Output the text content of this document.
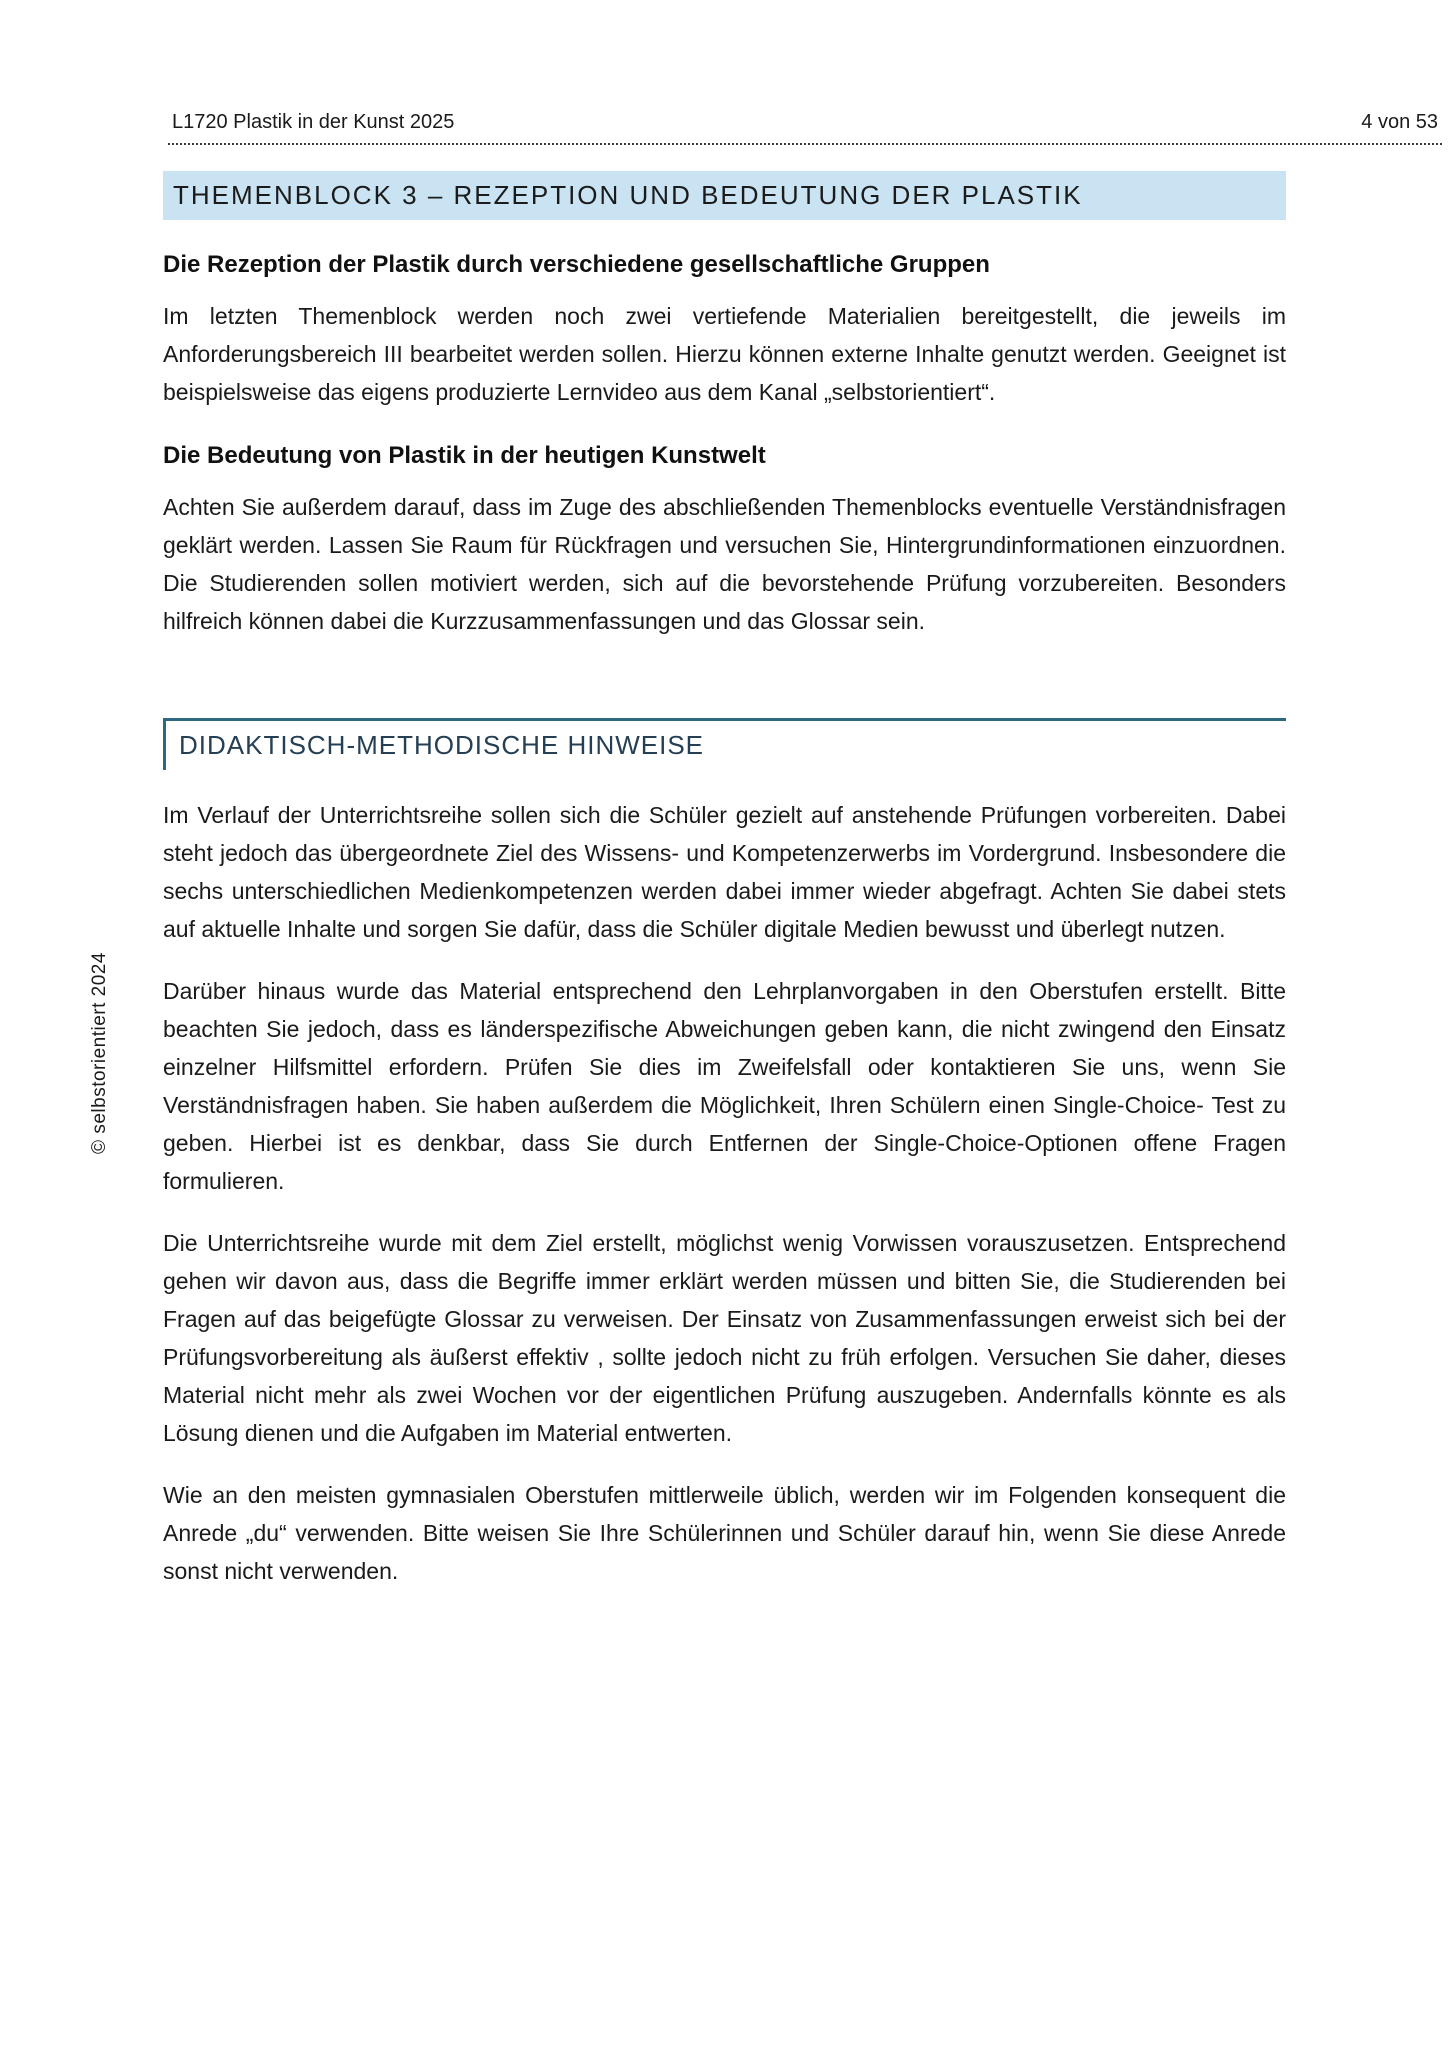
L1720 Plastik in der Kunst 2025	4 von 53
© selbstorientiert 2024
THEMENBLOCK 3 – REZEPTION UND BEDEUTUNG DER PLASTIK
Die Rezeption der Plastik durch verschiedene gesellschaftliche Gruppen

Im letzten Themenblock werden noch zwei vertiefende Materialien bereitgestellt, die jeweils im Anforderungsbereich III bearbeitet werden sollen. Hierzu können externe Inhalte genutzt werden. Geeignet ist beispielsweise das eigens produzierte Lernvideo aus dem Kanal „selbstorientiert“.

Die Bedeutung von Plastik in der heutigen Kunstwelt

Achten Sie außerdem darauf, dass im Zuge des abschließenden Themenblocks eventuelle Verständnisfragen geklärt werden. Lassen Sie Raum für Rückfragen und versuchen Sie, Hintergrundinformationen einzuordnen. Die Studierenden sollen motiviert werden, sich auf die bevorstehende Prüfung vorzubereiten. Besonders hilfreich können dabei die Kurzzusammenfassungen und das Glossar sein.

DIDAKTISCH-METHODISCHE HINWEISE

Im Verlauf der Unterrichtsreihe sollen sich die Schüler gezielt auf anstehende Prüfungen vorbereiten. Dabei steht jedoch das übergeordnete Ziel des Wissens- und Kompetenzerwerbs im Vordergrund. Insbesondere die sechs unterschiedlichen Medienkompetenzen werden dabei immer wieder abgefragt. Achten Sie dabei stets auf aktuelle Inhalte und sorgen Sie dafür, dass die Schüler digitale Medien bewusst und überlegt nutzen.

Darüber hinaus wurde das Material entsprechend den Lehrplanvorgaben in den Oberstufen erstellt. Bitte beachten Sie jedoch, dass es länderspezifische Abweichungen geben kann, die nicht zwingend den Einsatz einzelner Hilfsmittel erfordern. Prüfen Sie dies im Zweifelsfall oder kontaktieren Sie uns, wenn Sie Verständnisfragen haben. Sie haben außerdem die Möglichkeit, Ihren Schülern einen Single-Choice- Test zu geben. Hierbei ist es denkbar, dass Sie durch Entfernen der Single-Choice-Optionen offene Fragen formulieren.

Die Unterrichtsreihe wurde mit dem Ziel erstellt, möglichst wenig Vorwissen vorauszusetzen. Entsprechend gehen wir davon aus, dass die Begriffe immer erklärt werden müssen und bitten Sie, die Studierenden bei Fragen auf das beigefügte Glossar zu verweisen. Der Einsatz von Zusammenfassungen erweist sich bei der Prüfungsvorbereitung als äußerst effektiv , sollte jedoch nicht zu früh erfolgen. Versuchen Sie daher, dieses Material nicht mehr als zwei Wochen vor der eigentlichen Prüfung auszugeben. Andernfalls könnte es als Lösung dienen und die Aufgaben im Material entwerten.

Wie an den meisten gymnasialen Oberstufen mittlerweile üblich, werden wir im Folgenden konsequent die Anrede „du“ verwenden. Bitte weisen Sie Ihre Schülerinnen und Schüler darauf hin, wenn Sie diese Anrede sonst nicht verwenden.
